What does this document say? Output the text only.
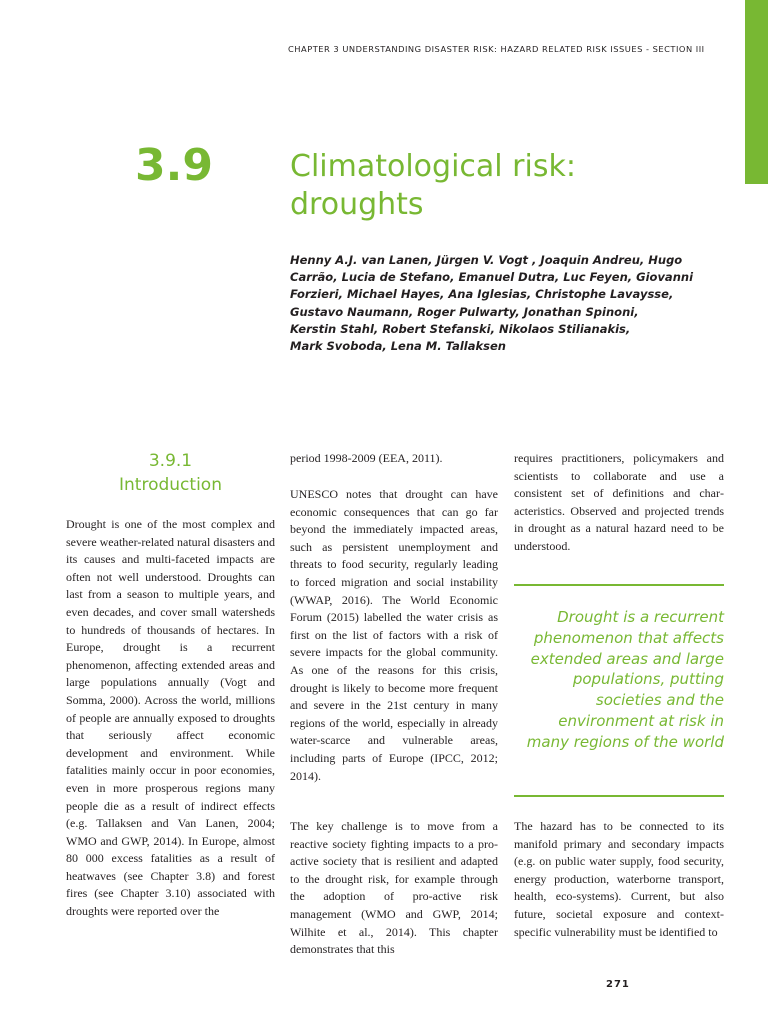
CHAPTER 3 UNDERSTANDING DISASTER RISK: HAZARD RELATED RISK ISSUES - SECTION III
3.9	Climatological risk:
droughts
Henny A.J. van Lanen, Jürgen V. Vogt , Joaquin Andreu, Hugo
Carrão, Lucia de Stefano, Emanuel Dutra, Luc Feyen, Giovanni
Forzieri, Michael Hayes, Ana Iglesias, Christophe Lavaysse,
Gustavo Naumann, Roger Pulwarty, Jonathan Spinoni,
Kerstin Stahl, Robert Stefanski, Nikolaos Stilianakis,
Mark Svoboda, Lena M. Tallaksen
3.9.1
Introduction

Drought is one of the most complex and severe weather-related natural disasters and its causes and multi-faceted impacts are often not well understood. Droughts can last from a season to multiple years, and even decades, and cover small watersheds to hundreds of thousands of hectares. In Europe, drought is a recurrent phenomenon, affecting extended areas and large populations annually (Vogt and Somma, 2000). Across the world, millions of people are annually exposed to droughts that seriously affect economic development and environment. While fatalities mainly occur in poor economies, even in more prosperous regions many people die as a result of indirect effects (e.g. Tallaksen and Van Lanen, 2004; WMO and GWP, 2014). In Europe, almost 80 000 excess fatalities as a result of heatwaves (see Chapter 3.8) and forest fires (see Chapter 3.10) associated with droughts were reported over the

period 1998-2009 (EEA, 2011).

UNESCO notes that drought can have economic consequences that can go far beyond the immediately impacted areas, such as persistent unemployment and threats to food security, regularly leading to forced migration and social instability (WWAP, 2016). The World Economic Forum (2015) labelled the water crisis as first on the list of factors with a risk of severe impacts for the global community. As one of the reasons for this crisis, drought is likely to become more frequent and severe in the 21st century in many regions of the world, especially in already water-scarce and vulnerable areas, including parts of Europe (IPCC, 2012; 2014).

The key challenge is to move from a reactive society fighting impacts to a pro-active society that is resilient and adapted to the drought risk, for example through the adoption of pro-active risk management (WMO and GWP, 2014; Wilhite et al., 2014). This chapter demonstrates that this

requires practitioners, policymakers and scientists to collaborate and use a consistent set of definitions and characteristics. Observed and projected trends in drought as a natural hazard need to be understood.

Drought is a recurrent phenomenon that affects extended areas and large populations, putting societies and the environment at risk in many regions of the world

The hazard has to be connected to its manifold primary and secondary impacts (e.g. on public water supply, food security, energy production, waterborne transport, health, eco-systems). Current, but also future, societal exposure and context-specific vulnerability must be identified to

271
